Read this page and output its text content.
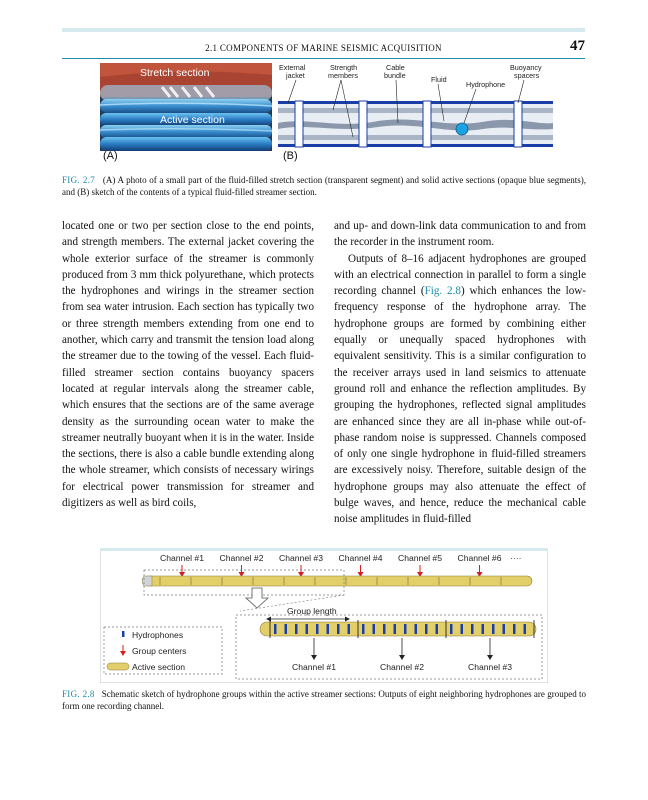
2.1 COMPONENTS OF MARINE SEISMIC ACQUISITION	47
Stretch section
Active section
(A)
External
jacket
Strength
members
Cable
bundle	Fluid
Hydrophone
Buoyancy
spacers
(B)
FIG. 2.7 (A) A photo of a small part of the fluid-filled stretch section (transparent segment) and solid active sections (opaque blue segments), and (B) sketch of the contents of a typical fluid-filled streamer section.

located one or two per section close to the end points, and strength members. The external jacket covering the whole exterior surface of the streamer is commonly produced from 3 mm thick polyurethane, which protects the hydrophones and wirings in the streamer section from sea water intrusion. Each section has typically two or three strength members extending from one end to another, which carry and transmit the tension load along the streamer due to the towing of the vessel. Each fluid-filled streamer section contains buoyancy spacers located at regular intervals along the streamer cable, which ensures that the sections are of the same average density as the surrounding ocean water to make the streamer neutrally buoyant when it is in the water. Inside the sections, there is also a cable bundle extending along the whole streamer, which consists of necessary wirings for electrical power transmission for streamer and digitizers as well as bird coils,

and up- and down-link data communication to and from the recorder in the instrument room.

Outputs of 8–16 adjacent hydrophones are grouped with an electrical connection in parallel to form a single recording channel (Fig. 2.8) which enhances the low-frequency response of the hydrophone array. The hydrophone groups are formed by combining either equally or unequally spaced hydrophones with equivalent sensitivity. This is a similar configuration to the receiver arrays used in land seismics to attenuate ground roll and enhance the reflection amplitudes. By grouping the hydrophones, reflected signal amplitudes are enhanced since they are all in-phase while out-of-phase random noise is suppressed. Channels composed of only one single hydrophone in fluid-filled streamers are excessively noisy. Therefore, suitable design of the hydrophone groups may also attenuate the effect of bulge waves, and hence, reduce the mechanical cable noise amplitudes in fluid-filled

Channel #1 Channel #2 Channel #3 Channel #4 Channel #5 Channel #6 ····
Group length
Channel #1	Channel #2	Channel #3
Hydrophones
Group centers
Active section
FIG. 2.8 Schematic sketch of hydrophone groups within the active streamer sections: Outputs of eight neighboring hydrophones are grouped to form one recording channel.
